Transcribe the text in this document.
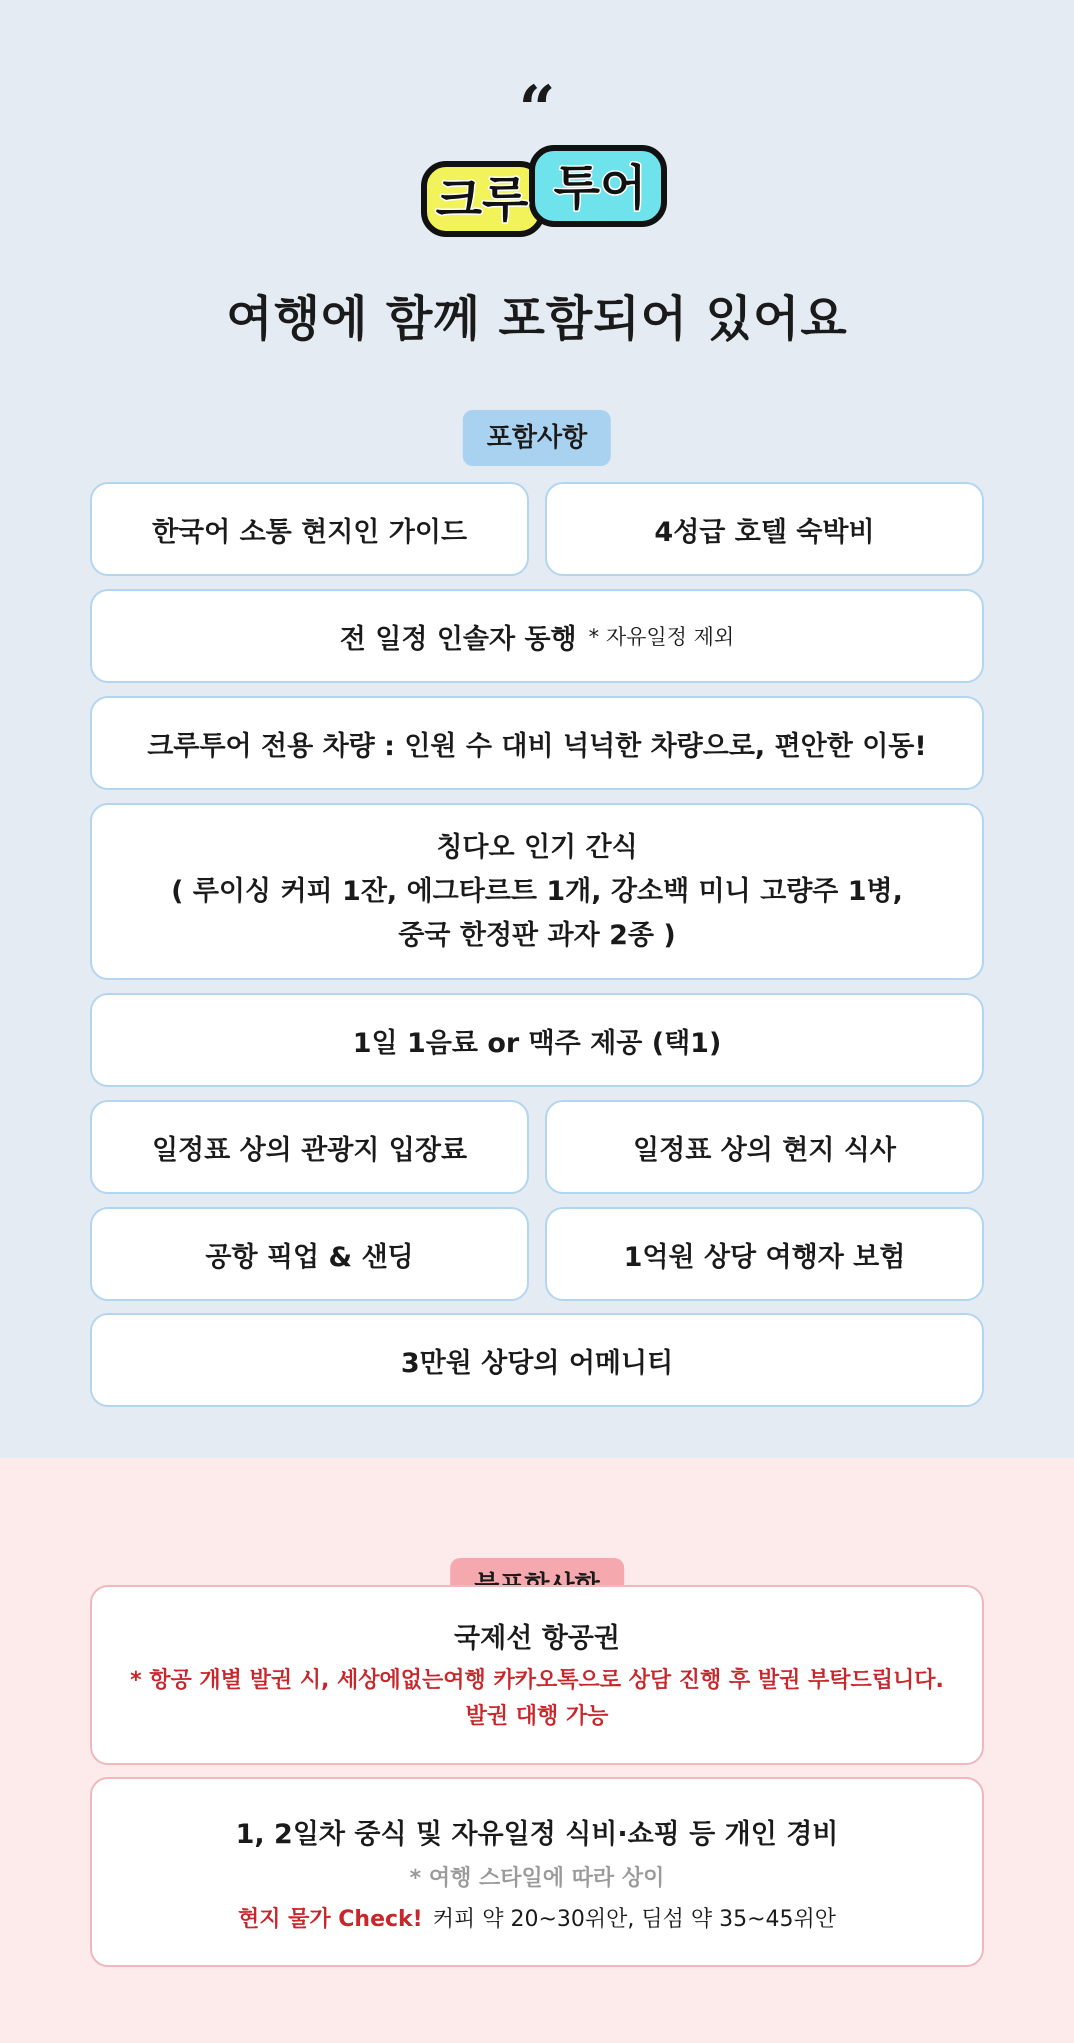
“
크루 투어
여행에 함께 포함되어 있어요
포함사항
한국어 소통 현지인 가이드	4성급 호텔 숙박비
전 일정 인솔자 동행 * 자유일정 제외
크루투어 전용 차량 : 인원 수 대비 넉넉한 차량으로, 편안한 이동!
칭다오 인기 간식
( 루이싱 커피 1잔, 에그타르트 1개, 강소백 미니 고량주 1병,
중국 한정판 과자 2종 )
1일 1음료 or 맥주 제공 (택1)
일정표 상의 관광지 입장료	일정표 상의 현지 식사
공항 픽업 & 샌딩	1억원 상당 여행자 보험
3만원 상당의 어메니티
국제선 항공권
* 항공 개별 발권 시, 세상에없는여행 카카오톡으로 상담 진행 후 발권 부탁드립니다.
발권 대행 가능
1, 2일차 중식 및 자유일정 식비·쇼핑 등 개인 경비
* 여행 스타일에 따라 상이
현지 물가 Check! 커피 약 20~30위안, 딤섬 약 35~45위안
